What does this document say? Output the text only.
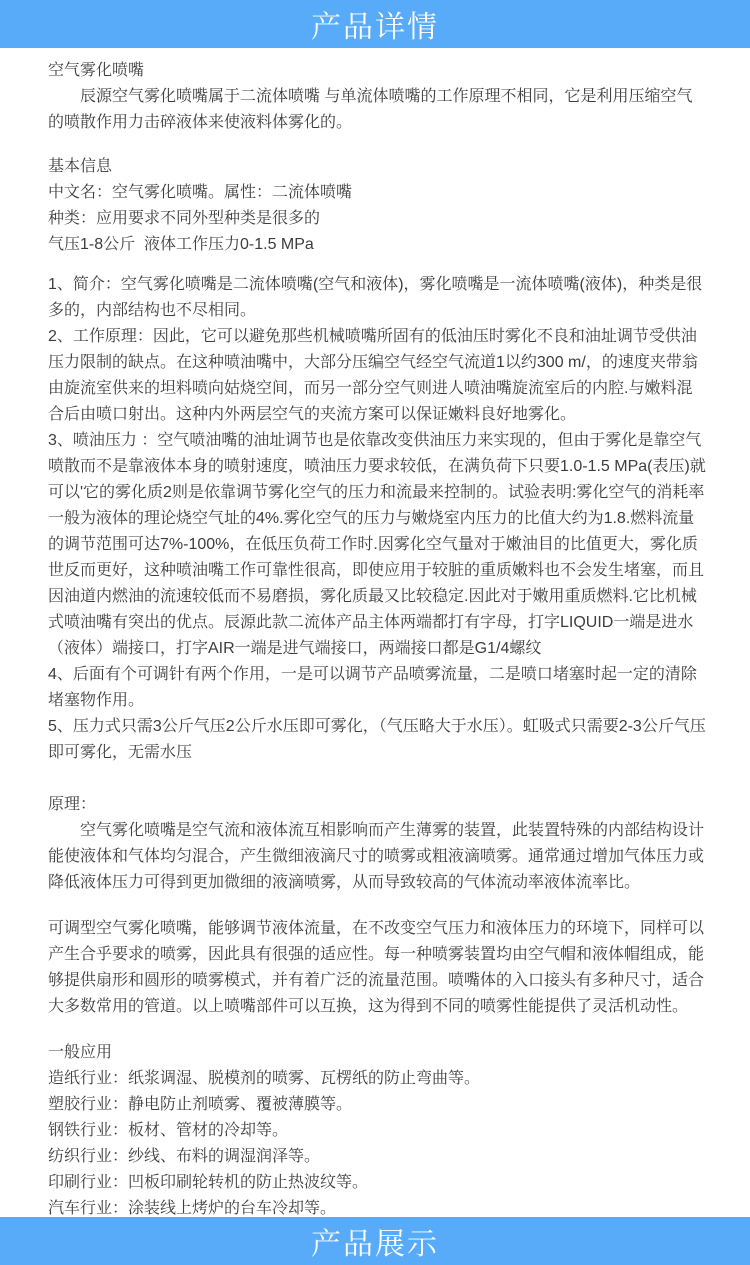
产品详情

空气雾化喷嘴

辰源空气雾化喷嘴属于二流体喷嘴 与单流体喷嘴的工作原理不相同，它是利用压缩空气的喷散作用力击碎液体来使液料体雾化的。

基本信息

中文名：空气雾化喷嘴。属性：二流体喷嘴

种类：应用要求不同外型种类是很多的

气压1-8公斤  液体工作压力0-1.5 MPa

1、简介：空气雾化喷嘴是二流体喷嘴(空气和液体)，雾化喷嘴是一流体喷嘴(液体)，种类是很多的，内部结构也不尽相同。

2、工作原理：因此，它可以避免那些机械喷嘴所固有的低油压时雾化不良和油址调节受供油压力限制的缺点。在这种喷油嘴中，大部分压编空气经空气流道1以约300 m/，的速度夹带翁由旋流室供来的坦料喷向姑烧空间，而另一部分空气则进人喷油嘴旋流室后的内腔.与嫩料混合后由喷口射出。这种内外两层空气的夹流方案可以保证嫩料良好地雾化。

3、喷油压力 ：空气喷油嘴的油址调节也是依靠改变供油压力来实现的，但由于雾化是靠空气喷散而不是靠液体本身的喷射速度，喷油压力要求较低，在满负荷下只要1.0-1.5 MPa(表压)就可以'它的雾化质2则是依靠调节雾化空气的压力和流最来控制的。试验表明:雾化空气的消耗率一般为液体的理论烧空气址的4%.雾化空气的压力与嫩烧室内压力的比值大约为1.8.燃料流量的调节范围可达7%-100%，在低压负荷工作时.因雾化空气量对于嫩油目的比值更大，雾化质世反而更好，这种喷油嘴工作可靠性很高，即使应用于较脏的重质嫩料也不会发生堵塞，而且因油道内燃油的流速较低而不易磨损，雾化质最又比较稳定.因此对于嫩用重质燃料.它比机械式喷油嘴有突出的优点。辰源此款二流体产品主体两端都打有字母，打字LIQUID一端是进水（液体）端接口，打字AIR一端是进气端接口，两端接口都是G1/4螺纹

4、后面有个可调针有两个作用，一是可以调节产品喷雾流量，二是喷口堵塞时起一定的清除堵塞物作用。

5、压力式只需3公斤气压2公斤水压即可雾化，（气压略大于水压）。虹吸式只需要2-3公斤气压即可雾化，无需水压

原理：

空气雾化喷嘴是空气流和液体流互相影响而产生薄雾的装置，此装置特殊的内部结构设计能使液体和气体均匀混合，产生微细液滴尺寸的喷雾或粗液滴喷雾。通常通过增加气体压力或降低液体压力可得到更加微细的液滴喷雾，从而导致较高的气体流动率液体流率比。

可调型空气雾化喷嘴，能够调节液体流量，在不改变空气压力和液体压力的环境下，同样可以产生合乎要求的喷雾，因此具有很强的适应性。每一种喷雾装置均由空气帽和液体帽组成，能够提供扇形和圆形的喷雾模式，并有着广泛的流量范围。喷嘴体的入口接头有多种尺寸，适合大多数常用的管道。以上喷嘴部件可以互换，这为得到不同的喷雾性能提供了灵活机动性。

一般应用

造纸行业：纸浆调湿、脱模剂的喷雾、瓦楞纸的防止弯曲等。

塑胶行业：静电防止剂喷雾、覆被薄膜等。

钢铁行业：板材、管材的冷却等。

纺织行业：纱线、布料的调湿润泽等。

印刷行业：凹板印刷轮转机的防止热波纹等。

汽车行业：涂装线上烤炉的台车冷却等。

产品展示
